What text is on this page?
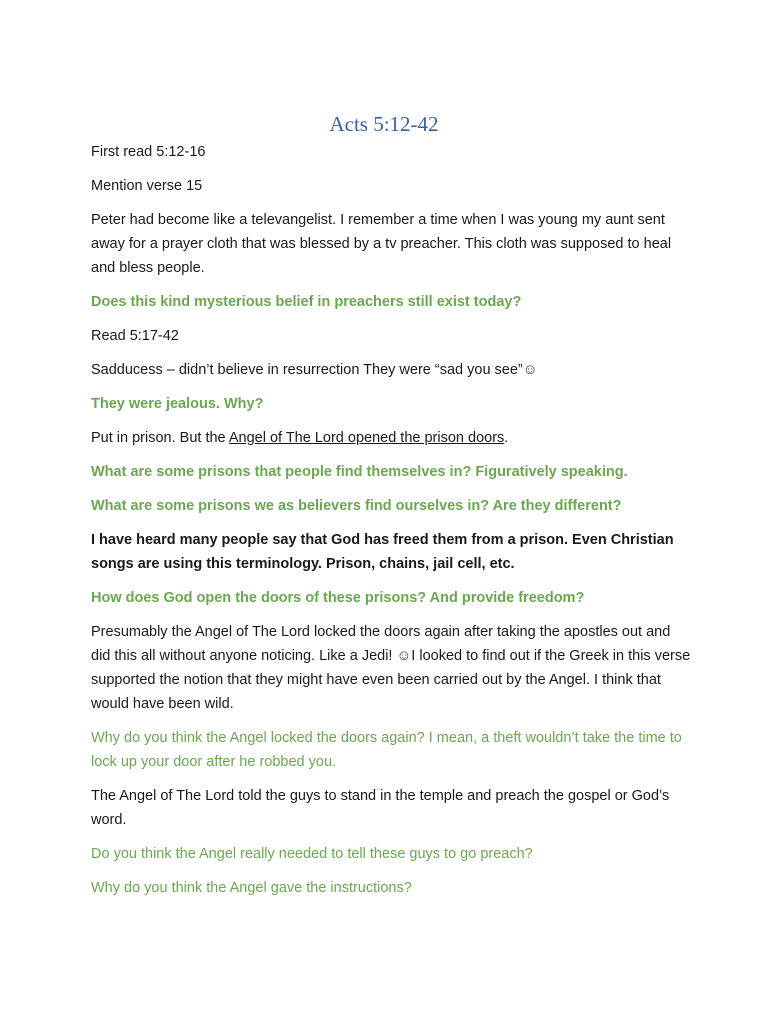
Acts 5:12-42

First read 5:12-16

Mention verse 15

Peter had become like a televangelist. I remember a time when I was young my aunt sent away for a prayer cloth that was blessed by a tv preacher. This cloth was supposed to heal and bless people.

Does this kind mysterious belief in preachers still exist today?

Read 5:17-42

Sadducess – didn’t believe in resurrection They were “sad you see”☺

They were jealous. Why?

Put in prison. But the Angel of The Lord opened the prison doors.

What are some prisons that people find themselves in? Figuratively speaking.

What are some prisons we as believers find ourselves in? Are they different?

I have heard many people say that God has freed them from a prison. Even Christian songs are using this terminology. Prison, chains, jail cell, etc.

How does God open the doors of these prisons? And provide freedom?

Presumably the Angel of The Lord locked the doors again after taking the apostles out and did this all without anyone noticing. Like a Jedi! ☺I looked to find out if the Greek in this verse supported the notion that they might have even been carried out by the Angel. I think that would have been wild.

Why do you think the Angel locked the doors again? I mean, a theft wouldn’t take the time to lock up your door after he robbed you.

The Angel of The Lord told the guys to stand in the temple and preach the gospel or God’s word.

Do you think the Angel really needed to tell these guys to go preach?

Why do you think the Angel gave the instructions?
